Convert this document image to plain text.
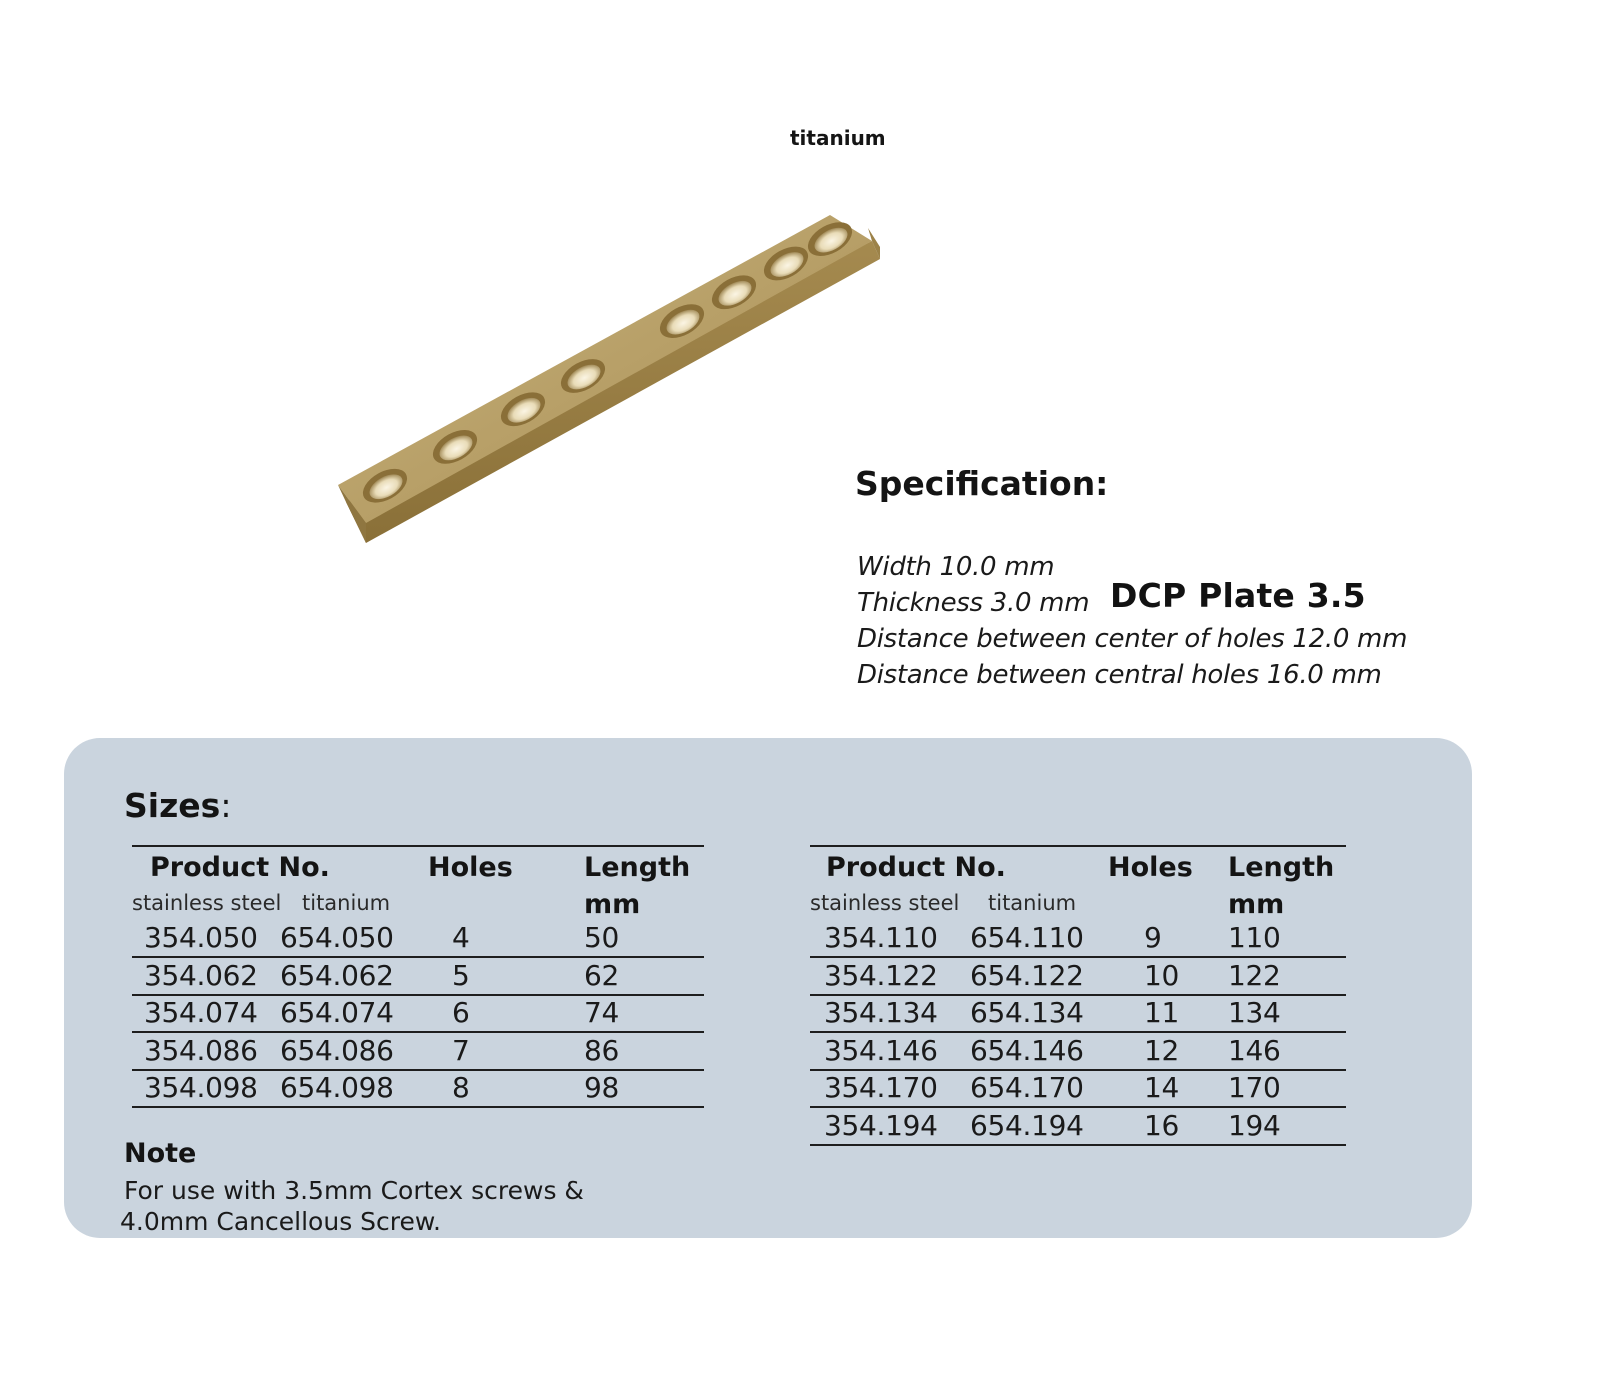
titanium
Specification:
Width 10.0 mm
Thickness 3.0 mm
Distance between center of holes 12.0 mm
Distance between central holes 16.0 mm
DCP Plate 3.5
Sizes:
Product No.	Holes	Length
stainless steel titanium	mm
354.050 654.050 4	50
354.062 654.062 5	62
354.074 654.074 6	74
354.086 654.086 7	86
354.098 654.098 8	98
Product No.	Holes Length
stainless steel titanium	mm
354.110 654.110 9 110
354.122 654.122 10 122
354.134 654.134 11 134
354.146 654.146 12 146
354.170 654.170 14 170
354.194 654.194 16 194
Note
For use with 3.5mm Cortex screws &
4.0mm Cancellous Screw.
